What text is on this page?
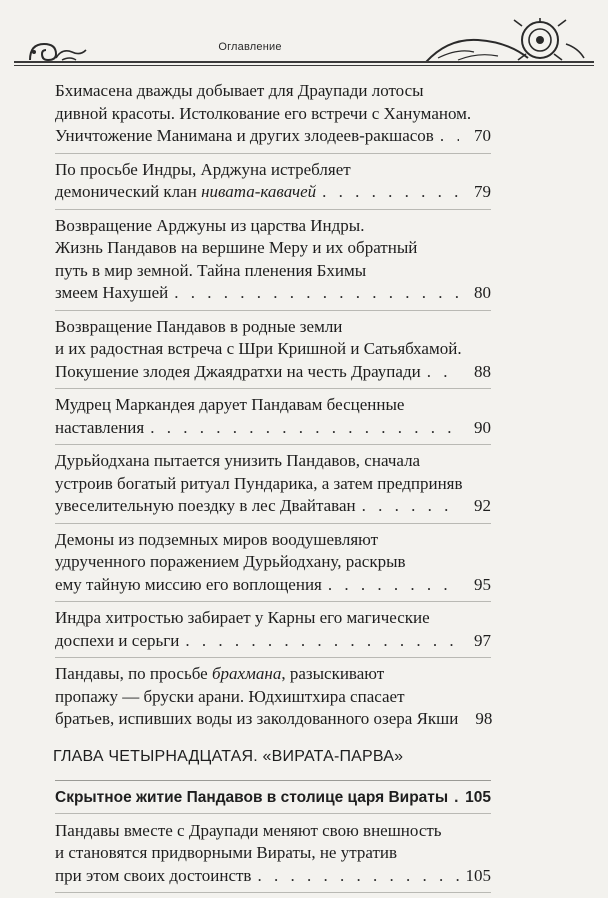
Оглавление
Бхимасена дважды добывает для Драупади лотосы
дивной красоты. Истолкование его встречи с Хануманом.
Уничтожение Манимана и других злодеев-ракшасов . . .	70
По просьбе Индры, Арджуна истребляет
демонический клан нивата-кавачей . . .	79
Возвращение Арджуны из царства Индры.
Жизнь Пандавов на вершине Меру и их обратный
путь в мир земной. Тайна пленения Бхимы
змеем Нахушей . . .	80
Возвращение Пандавов в родные земли
и их радостная встреча с Шри Кришной и Сатьябхамой.
Покушение злодея Джаядратхи на честь Драупади . . .	88
Мудрец Маркандея дарует Пандавам бесценные
наставления . . .	90
Дурьйодхана пытается унизить Пандавов, сначала
устроив богатый ритуал Пундарика, а затем предприняв
увеселительную поездку в лес Двайтаван . . .	92
Демоны из подземных миров воодушевляют
удрученного поражением Дурьйодхану, раскрыв
ему тайную миссию его воплощения . . .	95
Индра хитростью забирает у Карны его магические
доспехи и серьги . . .	97
Пандавы, по просьбе брахмана, разыскивают
пропажу — бруски арани. Юдхиштхира спасает
братьев, испивших воды из заколдованного озера Якши	98
ГЛАВА ЧЕТЫРНАДЦАТАЯ. «ВИРАТА-ПАРВА»
Скрытное житие Пандавов в столице царя Вираты . . . 105
Пандавы вместе с Драупади меняют свою внешность
и становятся придворными Вираты, не утратив
при этом своих достоинств . . .	105
